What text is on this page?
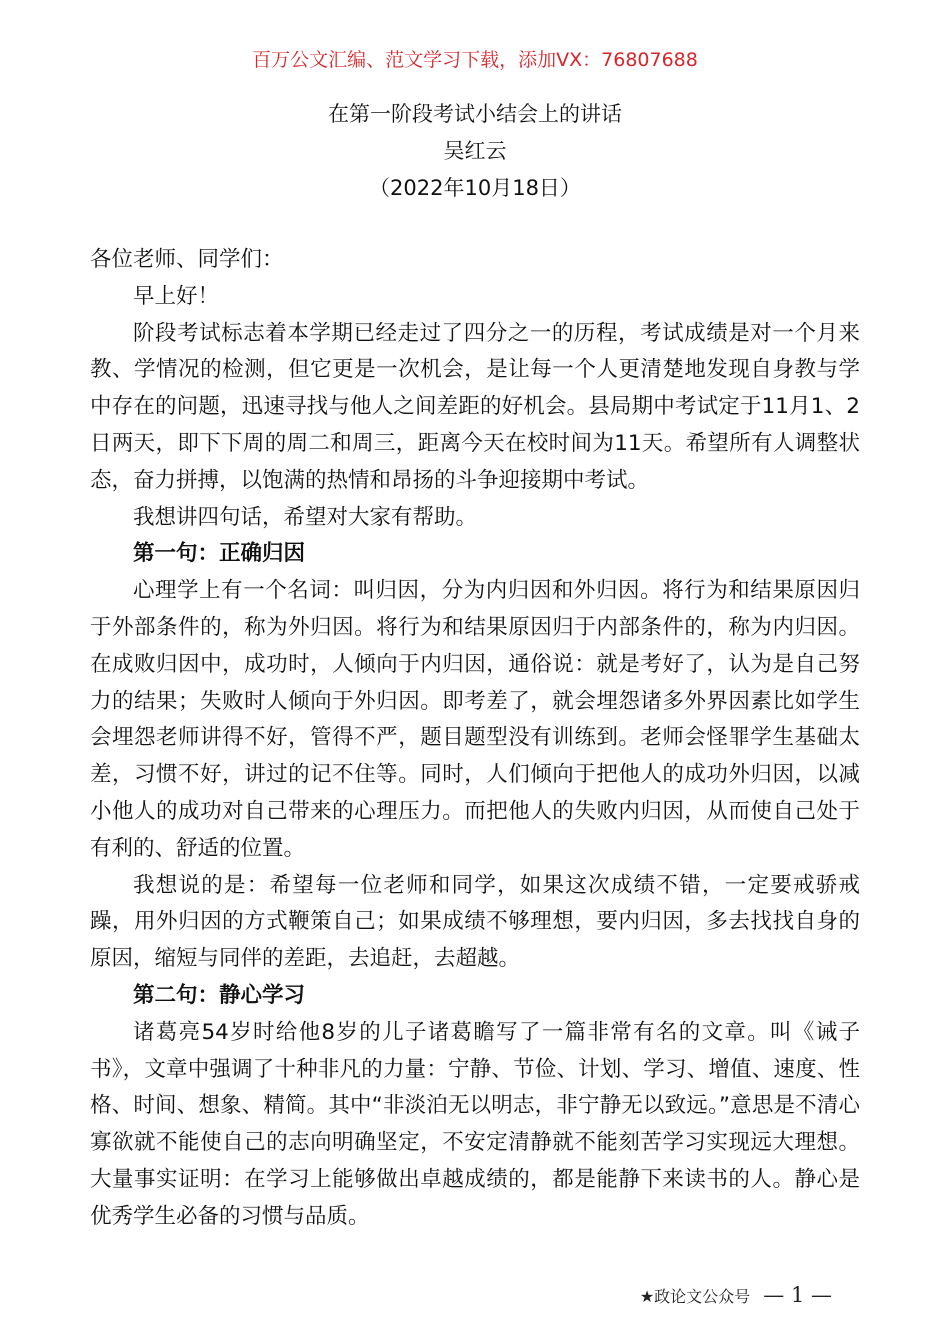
百万公文汇编、范文学习下载，添加VX：76807688
在第一阶段考试小结会上的讲话
吴红云
（2022年10月18日）

各位老师、同学们：

早上好！

阶段考试标志着本学期已经走过了四分之一的历程，考试成绩是对一个月来教、学情况的检测，但它更是一次机会，是让每一个人更清楚地发现自身教与学中存在的问题，迅速寻找与他人之间差距的好机会。县局期中考试定于11月1、2日两天，即下下周的周二和周三，距离今天在校时间为11天。希望所有人调整状态，奋力拼搏，以饱满的热情和昂扬的斗争迎接期中考试。

我想讲四句话，希望对大家有帮助。

第一句：正确归因

心理学上有一个名词：叫归因，分为内归因和外归因。将行为和结果原因归于外部条件的，称为外归因。将行为和结果原因归于内部条件的，称为内归因。在成败归因中，成功时，人倾向于内归因，通俗说：就是考好了，认为是自己努力的结果；失败时人倾向于外归因。即考差了，就会埋怨诸多外界因素比如学生会埋怨老师讲得不好，管得不严，题目题型没有训练到。老师会怪罪学生基础太差，习惯不好，讲过的记不住等。同时，人们倾向于把他人的成功外归因，以减小他人的成功对自己带来的心理压力。而把他人的失败内归因，从而使自己处于有利的、舒适的位置。

我想说的是：希望每一位老师和同学，如果这次成绩不错，一定要戒骄戒躁，用外归因的方式鞭策自己；如果成绩不够理想，要内归因，多去找找自身的原因，缩短与同伴的差距，去追赶，去超越。

第二句：静心学习

诸葛亮54岁时给他8岁的儿子诸葛瞻写了一篇非常有名的文章。叫《诫子书》，文章中强调了十种非凡的力量：宁静、节俭、计划、学习、增值、速度、性格、时间、想象、精简。其中“非淡泊无以明志，非宁静无以致远。”意思是不清心寡欲就不能使自己的志向明确坚定，不安定清静就不能刻苦学习实现远大理想。大量事实证明：在学习上能够做出卓越成绩的，都是能静下来读书的人。静心是优秀学生必备的习惯与品质。

★政论文公众号 — 1 —
